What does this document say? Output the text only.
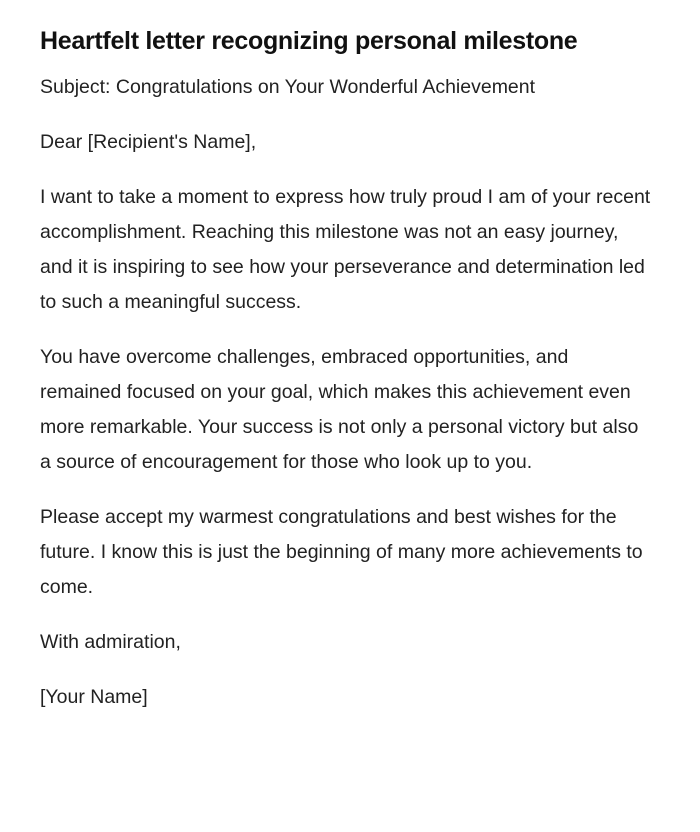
Heartfelt letter recognizing personal milestone

Subject: Congratulations on Your Wonderful Achievement

Dear [Recipient's Name],

I want to take a moment to express how truly proud I am of your recent accomplishment. Reaching this milestone was not an easy journey, and it is inspiring to see how your perseverance and determination led to such a meaningful success.

You have overcome challenges, embraced opportunities, and remained focused on your goal, which makes this achievement even more remarkable. Your success is not only a personal victory but also a source of encouragement for those who look up to you.

Please accept my warmest congratulations and best wishes for the future. I know this is just the beginning of many more achievements to come.

With admiration,

[Your Name]
